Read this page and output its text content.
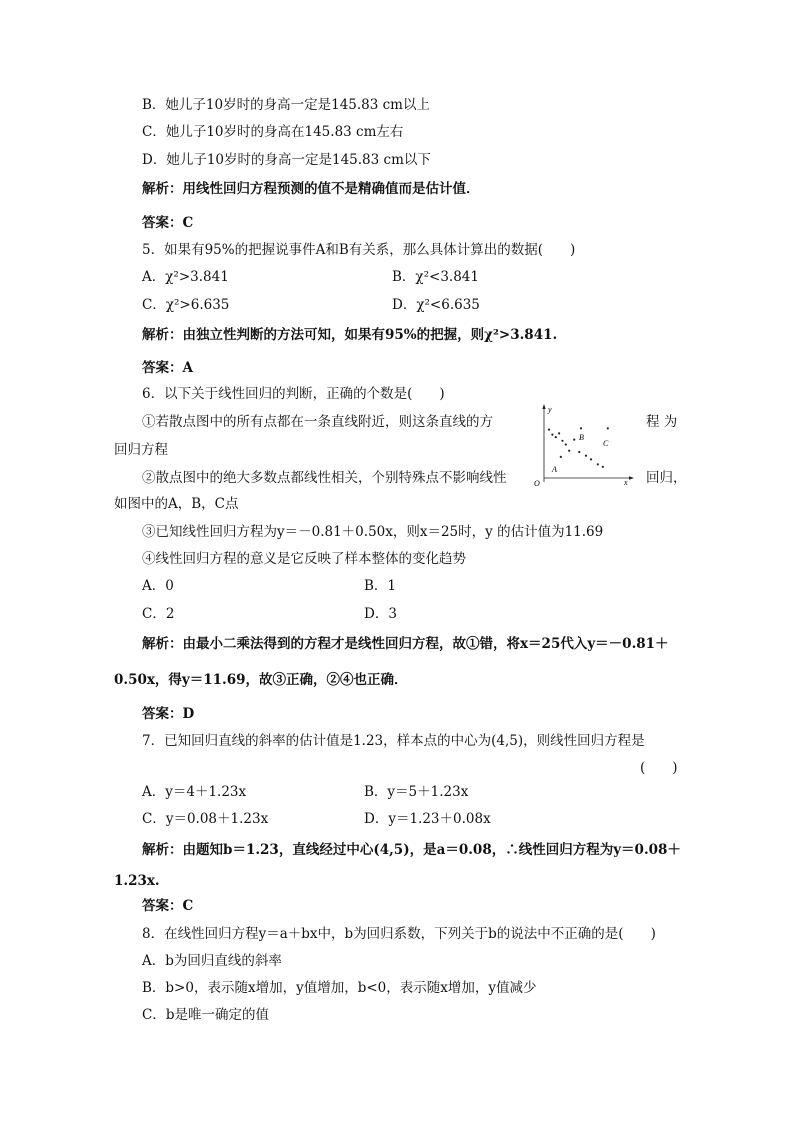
B．她儿子10岁时的身高一定是145.83 cm以上
C．她儿子10岁时的身高在145.83 cm左右
D．她儿子10岁时的身高一定是145.83 cm以下
解析：用线性回归方程预测的值不是精确值而是估计值．
答案：C
5．如果有95%的把握说事件A和B有关系，那么具体计算出的数据(　　)
A．χ²>3.841	B．χ²<3.841
C．χ²>6.635	D．χ²<6.635
解析：由独立性判断的方法可知，如果有95%的把握，则χ²>3.841.
答案：A
6．以下关于线性回归的判断，正确的个数是(　　)
①若散点图中的所有点都在一条直线附近，则这条直线的方	程 为
回归方程
②散点图中的绝大多数点都线性相关，个别特殊点不影响线性	回归，
如图中的A，B，C点
③已知线性回归方程为y＝－0.81＋0.50x，则x＝25时，y 的估计值为11.69
④线性回归方程的意义是它反映了样本整体的变化趋势
A．0	B．1
C．2	D．3
解析：由最小二乘法得到的方程才是线性回归方程，故①错，将x＝25代入y＝－0.81＋
0.50x，得y＝11.69，故③正确，②④也正确．
答案：D
y
x
O
A
B
C
7．已知回归直线的斜率的估计值是1.23，样本点的中心为(4,5)，则线性回归方程是
(　　)
A．y＝4＋1.23x	B．y＝5＋1.23x
C．y＝0.08＋1.23x	D．y＝1.23＋0.08x
解析：由题知b＝1.23，直线经过中心(4,5)，是a＝0.08，∴线性回归方程为y＝0.08＋
1.23x.
答案：C
8．在线性回归方程y＝a＋bx中，b为回归系数，下列关于b的说法中不正确的是(　　)
A．b为回归直线的斜率
B．b>0，表示随x增加，y值增加，b<0，表示随x增加，y值减少
C．b是唯一确定的值
